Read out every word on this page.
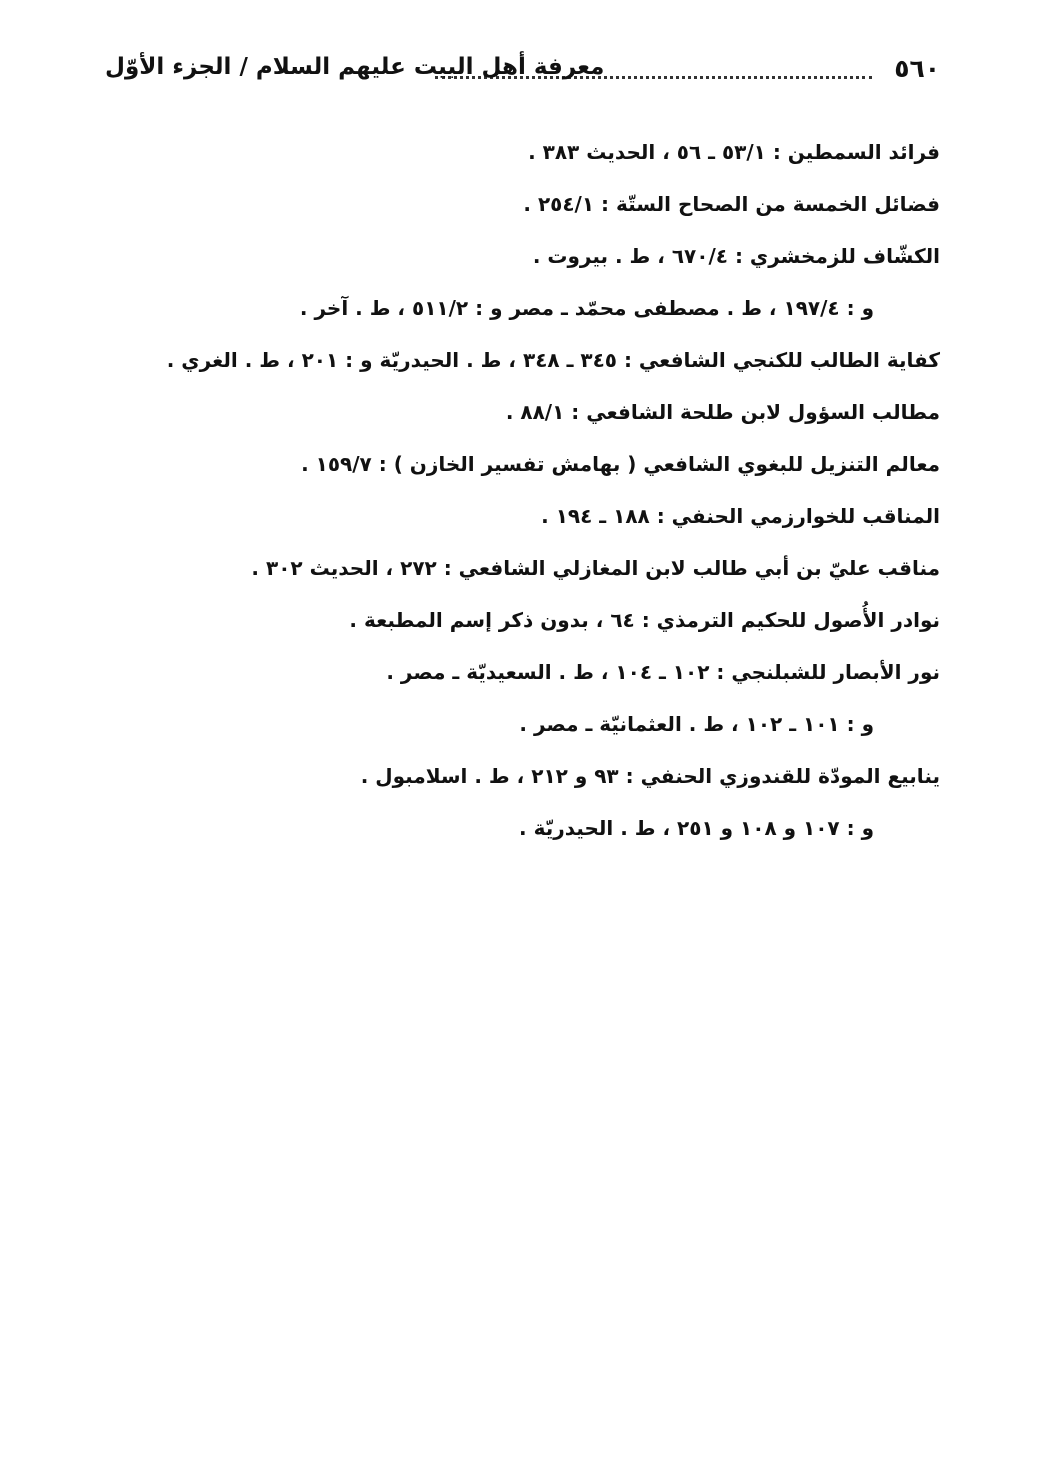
٥٦٠
معرفة أهل البيت عليهم السلام / الجزء الأوّل
فرائد السمطين : ٥٣/١ ـ ٥٦ ، الحديث ٣٨٣ .
فضائل الخمسة من الصحاح الستّة : ٢٥٤/١ .
الكشّاف للزمخشري : ٦٧٠/٤ ، ط . بيروت .
و : ١٩٧/٤ ، ط . مصطفى محمّد ـ مصر و : ٥١١/٢ ، ط . آخر .
كفاية الطالب للكنجي الشافعي : ٣٤٥ ـ ٣٤٨ ، ط . الحيدريّة و : ٢٠١ ، ط . الغري .
مطالب السؤول لابن طلحة الشافعي : ٨٨/١ .
معالم التنزيل للبغوي الشافعي ( بهامش تفسير الخازن ) : ١٥٩/٧ .
المناقب للخوارزمي الحنفي : ١٨٨ ـ ١٩٤ .
مناقب عليّ بن أبي طالب لابن المغازلي الشافعي : ٢٧٢ ، الحديث ٣٠٢ .
نوادر الأُصول للحكيم الترمذي : ٦٤ ، بدون ذكر إسم المطبعة .
نور الأبصار للشبلنجي : ١٠٢ ـ ١٠٤ ، ط . السعيديّة ـ مصر .
و : ١٠١ ـ ١٠٢ ، ط . العثمانيّة ـ مصر .
ينابيع المودّة للقندوزي الحنفي : ٩٣ و ٢١٢ ، ط . اسلامبول .
و : ١٠٧ و ١٠٨ و ٢٥١ ، ط . الحيدريّة .
